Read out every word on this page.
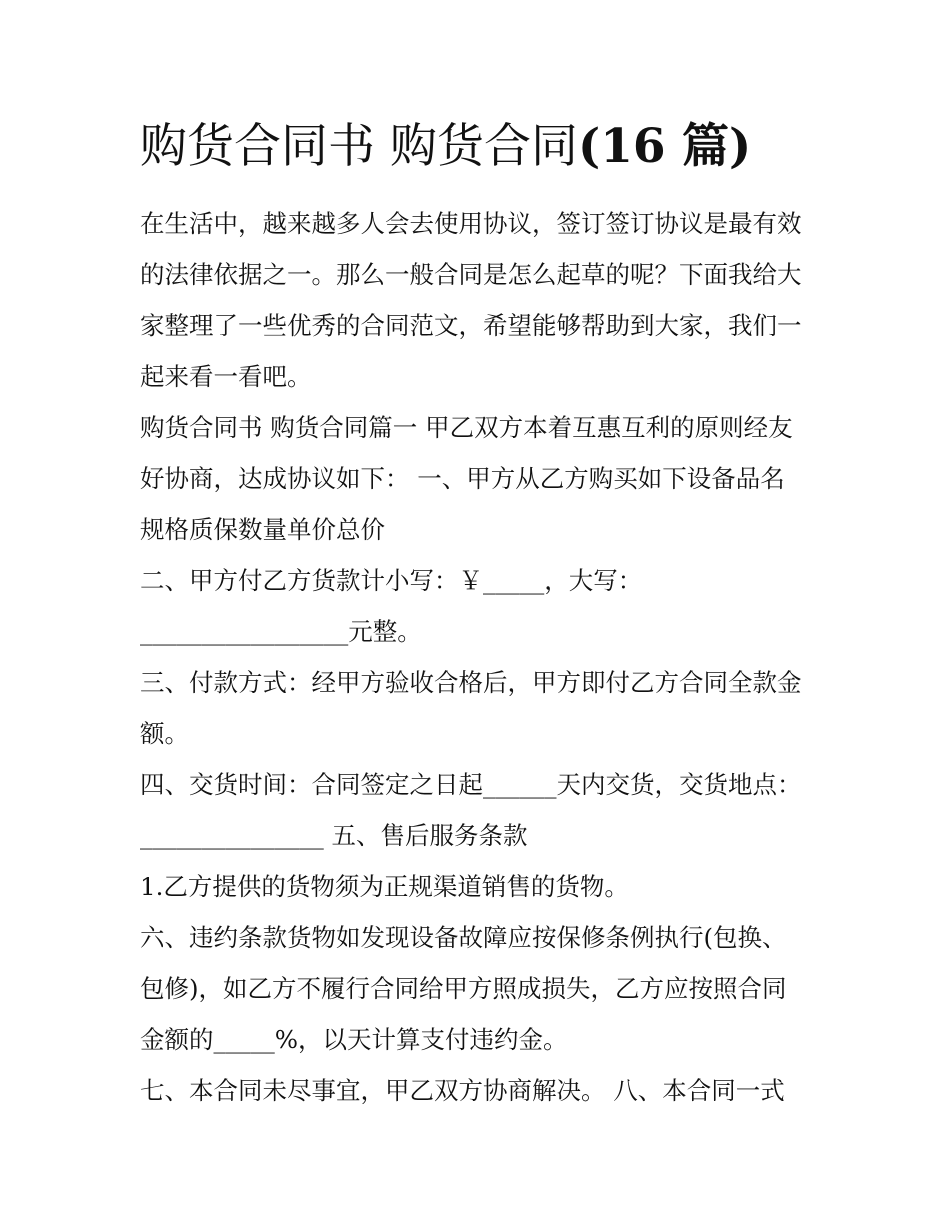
购货合同书 购货合同(16 篇)
在生活中，越来越多人会去使用协议，签订签订协议是最有效
的法律依据之一。那么一般合同是怎么起草的呢？下面我给大
家整理了一些优秀的合同范文，希望能够帮助到大家，我们一
起来看一看吧。
购货合同书 购货合同篇一 甲乙双方本着互惠互利的原则经友
好协商，达成协议如下： 一、甲方从乙方购买如下设备品名
规格质保数量单价总价
二、甲方付乙方货款计小写：￥_____，大写：
_________________元整。
三、付款方式：经甲方验收合格后，甲方即付乙方合同全款金
额。
四、交货时间：合同签定之日起______天内交货，交货地点：
_______________ 五、售后服务条款
1.乙方提供的货物须为正规渠道销售的货物。
六、违约条款货物如发现设备故障应按保修条例执行(包换、
包修)，如乙方不履行合同给甲方照成损失，乙方应按照合同
金额的_____%，以天计算支付违约金。
七、本合同未尽事宜，甲乙双方协商解决。 八、本合同一式
